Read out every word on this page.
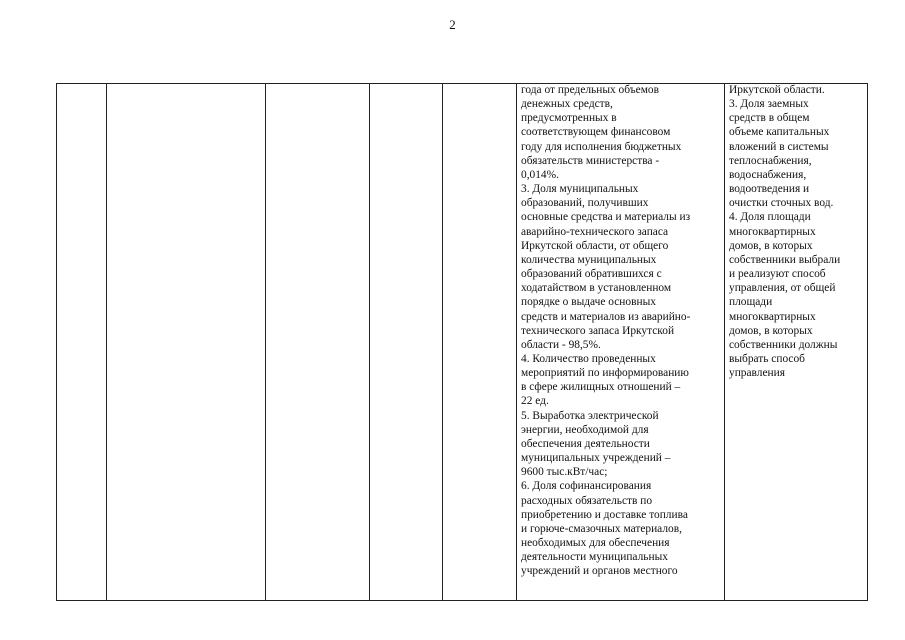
2
года от предельных объемов
денежных средств,
предусмотренных в
соответствующем финансовом
году для исполнения бюджетных
обязательств министерства -
0,014%.
3. Доля муниципальных
образований, получивших
основные средства и материалы из
аварийно-технического запаса
Иркутской области, от общего
количества муниципальных
образований обратившихся с
ходатайством в установленном
порядке о выдаче основных
средств и материалов из аварийно-
технического запаса Иркутской
области - 98,5%.
4. Количество проведенных
мероприятий по информированию
в сфере жилищных отношений –
22 ед.
5. Выработка электрической
энергии, необходимой для
обеспечения деятельности
муниципальных учреждений –
9600 тыс.кВт/час;
6. Доля софинансирования
расходных обязательств по
приобретению и доставке топлива
и горюче-смазочных материалов,
необходимых для обеспечения
деятельности муниципальных
учреждений и органов местного
Иркутской области.
3. Доля заемных
средств в общем
объеме капитальных
вложений в системы
теплоснабжения,
водоснабжения,
водоотведения и
очистки сточных вод.
4. Доля площади
многоквартирных
домов, в которых
собственники выбрали
и реализуют способ
управления, от общей
площади
многоквартирных
домов, в которых
собственники должны
выбрать способ
управления
